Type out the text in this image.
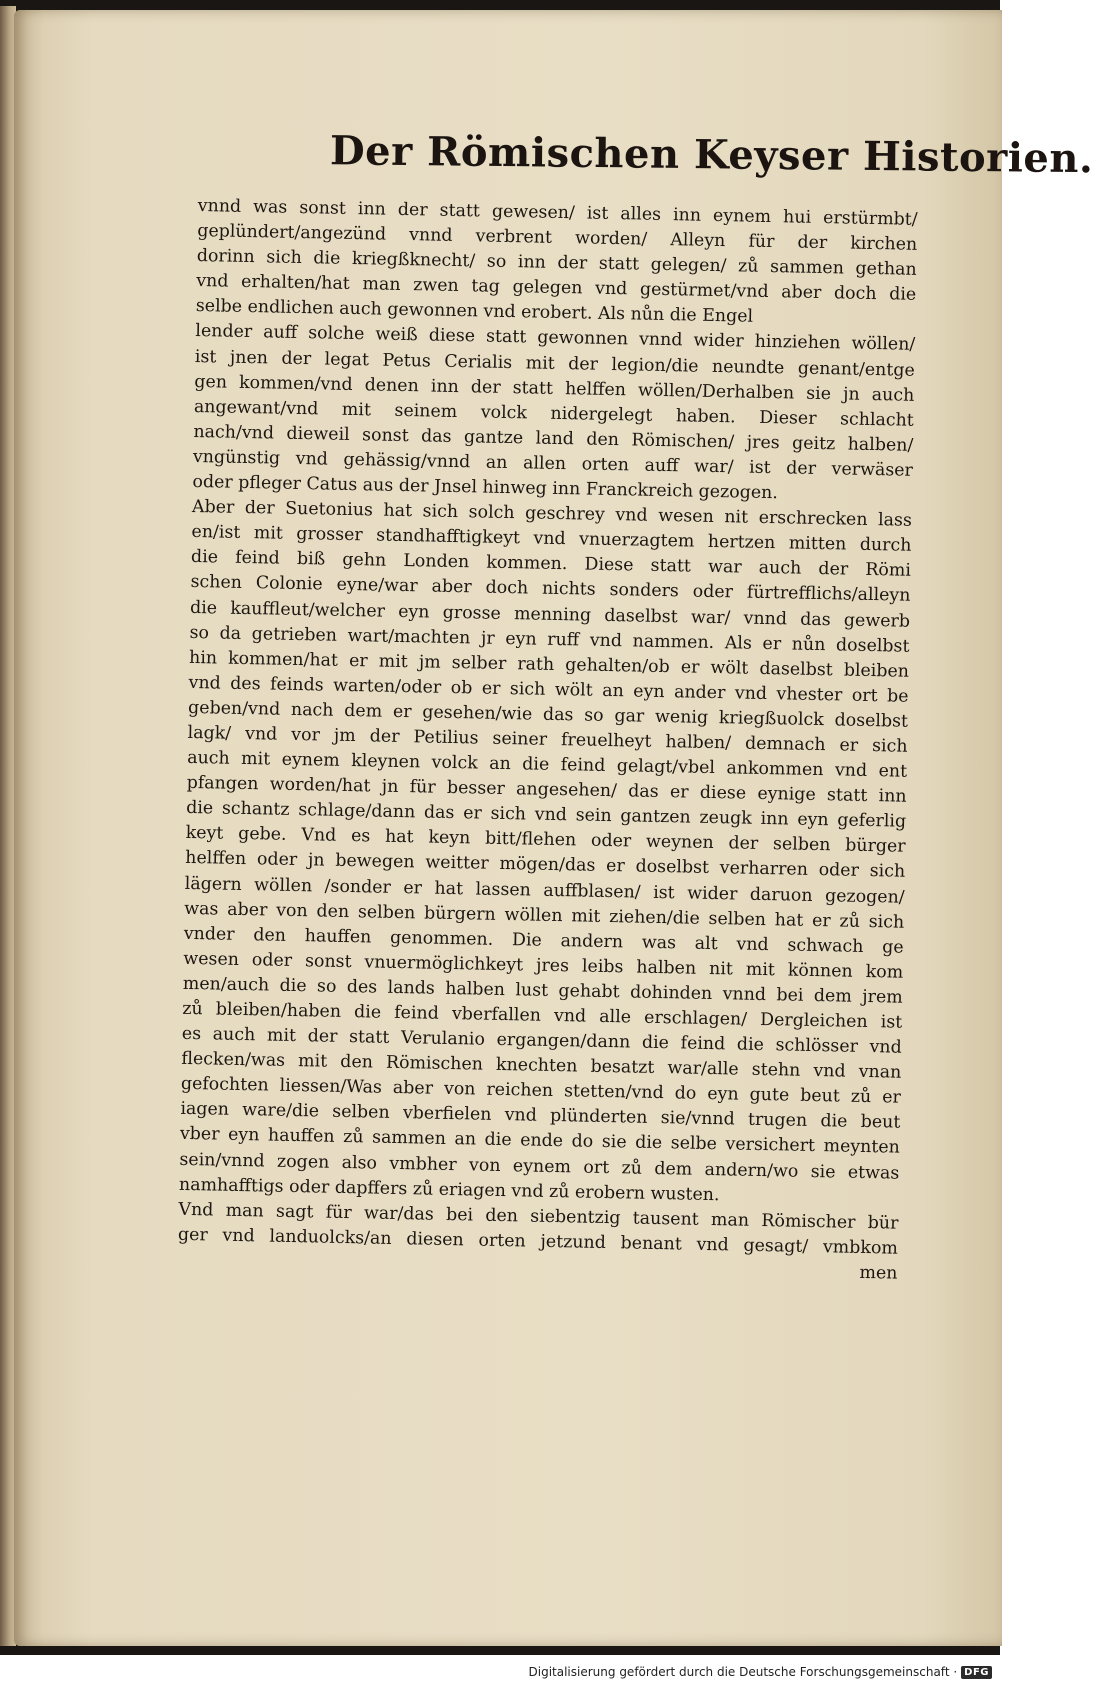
Der Römischen Keyser Historien.
vnnd was sonst inn der statt gewesen/ ist alles inn eynem hui erstürmbt/
geplündert/angezünd vnnd verbrent worden/ Alleyn für der kirchen
dorinn sich die kriegßknecht/ so inn der statt gelegen/ zů sammen gethan
vnd erhalten/hat man zwen tag gelegen vnd gestürmet/vnd aber doch die
selbe endlichen auch gewonnen vnd erobert. Als nůn die Engel
lender auff solche weiß diese statt gewonnen vnnd wider hinziehen wöllen/
ist jnen der legat Petus Cerialis mit der legion/die neundte genant/entge
gen kommen/vnd denen inn der statt helffen wöllen/Derhalben sie jn auch
angewant/vnd mit seinem volck nidergelegt haben. Dieser schlacht
nach/vnd dieweil sonst das gantze land den Römischen/ jres geitz halben/
vngünstig vnd gehässig/vnnd an allen orten auff war/ ist der verwäser
oder pfleger Catus aus der Jnsel hinweg inn Franckreich gezogen.
Aber der Suetonius hat sich solch geschrey vnd wesen nit erschrecken lass
en/ist mit grosser standhafftigkeyt vnd vnuerzagtem hertzen mitten durch
die feind biß gehn Londen kommen. Diese statt war auch der Römi
schen Colonie eyne/war aber doch nichts sonders oder fürtrefflichs/alleyn
die kauffleut/welcher eyn grosse menning daselbst war/ vnnd das gewerb
so da getrieben wart/machten jr eyn ruff vnd nammen. Als er nůn doselbst
hin kommen/hat er mit jm selber rath gehalten/ob er wölt daselbst bleiben
vnd des feinds warten/oder ob er sich wölt an eyn ander vnd vhester ort be
geben/vnd nach dem er gesehen/wie das so gar wenig kriegßuolck doselbst
lagk/ vnd vor jm der Petilius seiner freuelheyt halben/ demnach er sich
auch mit eynem kleynen volck an die feind gelagt/vbel ankommen vnd ent
pfangen worden/hat jn für besser angesehen/ das er diese eynige statt inn
die schantz schlage/dann das er sich vnd sein gantzen zeugk inn eyn geferlig
keyt gebe. Vnd es hat keyn bitt/flehen oder weynen der selben bürger
helffen oder jn bewegen weitter mögen/das er doselbst verharren oder sich
lägern wöllen /sonder er hat lassen auffblasen/ ist wider daruon gezogen/
was aber von den selben bürgern wöllen mit ziehen/die selben hat er zů sich
vnder den hauffen genommen. Die andern was alt vnd schwach ge
wesen oder sonst vnuermöglichkeyt jres leibs halben nit mit können kom
men/auch die so des lands halben lust gehabt dohinden vnnd bei dem jrem
zů bleiben/haben die feind vberfallen vnd alle erschlagen/ Dergleichen ist
es auch mit der statt Verulanio ergangen/dann die feind die schlösser vnd
flecken/was mit den Römischen knechten besatzt war/alle stehn vnd vnan
gefochten liessen/Was aber von reichen stetten/vnd do eyn gute beut zů er
iagen ware/die selben vberfielen vnd plünderten sie/vnnd trugen die beut
vber eyn hauffen zů sammen an die ende do sie die selbe versichert meynten
sein/vnnd zogen also vmbher von eynem ort zů dem andern/wo sie etwas
namhafftigs oder dapffers zů eriagen vnd zů erobern wusten.
Vnd man sagt für war/das bei den siebentzig tausent man Römischer bür
ger vnd landuolcks/an diesen orten jetzund benant vnd gesagt/ vmbkom
men
Digitalisierung gefördert durch die Deutsche Forschungsgemeinschaft · DFG
